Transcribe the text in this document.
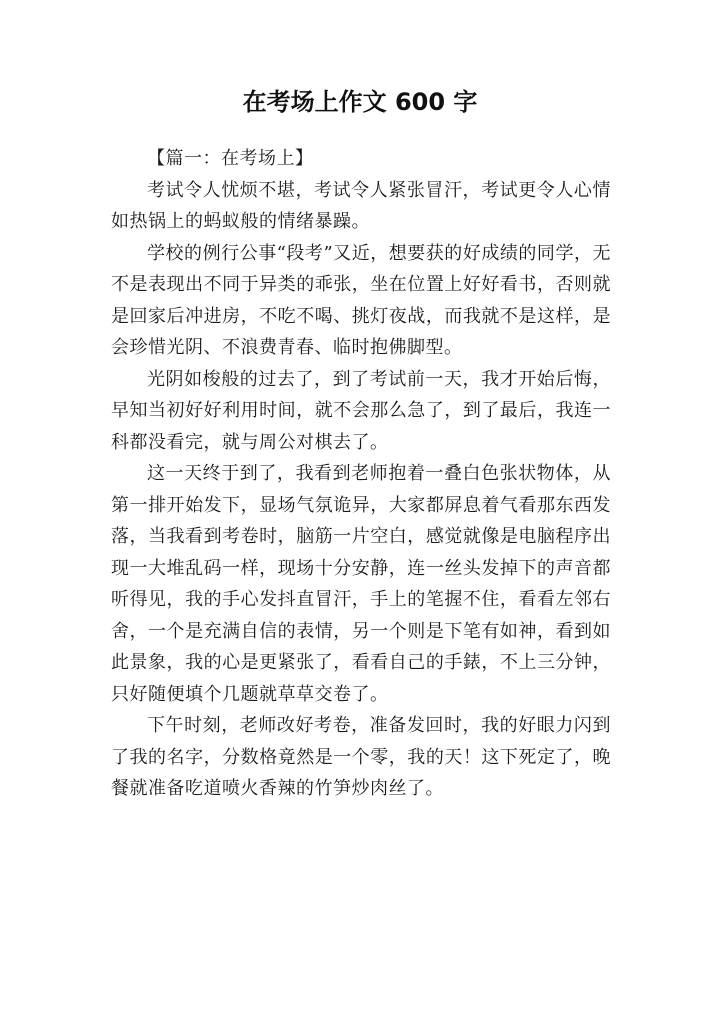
在考场上作文 600 字

【篇一：在考场上】

考试令人忧烦不堪，考试令人紧张冒汗，考试更令人心情如热锅上的蚂蚁般的情绪暴躁。

学校的例行公事“段考”又近，想要获的好成绩的同学，无不是表现出不同于异类的乖张，坐在位置上好好看书，否则就是回家后冲进房，不吃不喝、挑灯夜战，而我就不是这样，是会珍惜光阴、不浪费青春、临时抱佛脚型。

光阴如梭般的过去了，到了考试前一天，我才开始后悔，早知当初好好利用时间，就不会那么急了，到了最后，我连一科都没看完，就与周公对棋去了。

这一天终于到了，我看到老师抱着一叠白色张状物体，从第一排开始发下，显场气氛诡异，大家都屏息着气看那东西发落，当我看到考卷时，脑筋一片空白，感觉就像是电脑程序出现一大堆乱码一样，现场十分安静，连一丝头发掉下的声音都听得见，我的手心发抖直冒汗，手上的笔握不住，看看左邻右舍，一个是充满自信的表情，另一个则是下笔有如神，看到如此景象，我的心是更紧张了，看看自己的手錶，不上三分钟，只好随便填个几题就草草交卷了。

下午时刻，老师改好考卷，准备发回时，我的好眼力闪到了我的名字，分数格竟然是一个零，我的天！这下死定了，晚餐就准备吃道喷火香辣的竹笋炒肉丝了。
